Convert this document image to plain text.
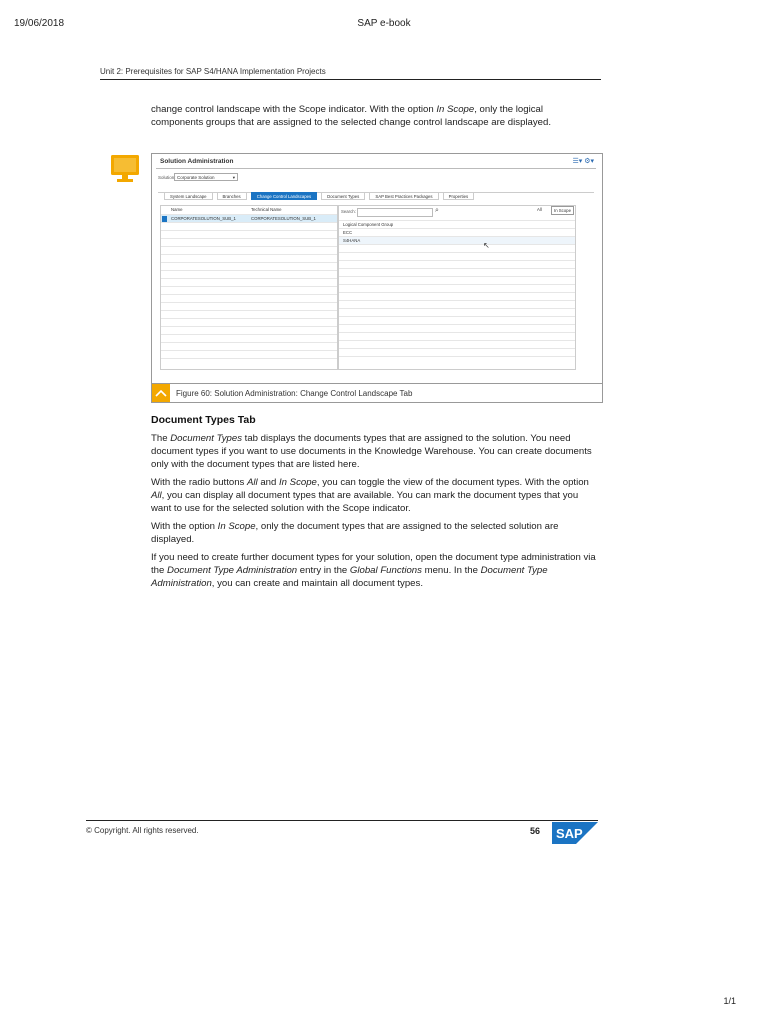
19/06/2018	SAP e-book
Unit 2: Prerequisites for SAP S4/HANA Implementation Projects
change control landscape with the Scope indicator. With the option In Scope, only the logical components groups that are assigned to the selected change control landscape are displayed.
Solution Administration	☰▾ ⚙▾
Solution: Corporate Solution	▾
System Landscape	Branches	Change Control Landscapes	Document Types	SAP Best Practices Packages	Properties
Name	Technical Name
CORPORATESOLUTION_SUB_1	CORPORATESOLUTION_SUB_1
Search:	⌕	All	In Scope
Logical Component Group
ECC
S4HANA
↖
Figure 60: Solution Administration: Change Control Landscape Tab
Document Types Tab

The Document Types tab displays the documents types that are assigned to the solution. You need document types if you want to use documents in the Knowledge Warehouse. You can create documents only with the document types that are listed here.

With the radio buttons All and In Scope, you can toggle the view of the document types. With the option All, you can display all document types that are available. You can mark the document types that you want to use for the selected solution with the Scope indicator.

With the option In Scope, only the document types that are assigned to the selected solution are displayed.

If you need to create further document types for your solution, open the document type administration via the Document Type Administration entry in the Global Functions menu. In the Document Type Administration, you can create and maintain all document types.

© Copyright. All rights reserved.	56 SAP
1/1
